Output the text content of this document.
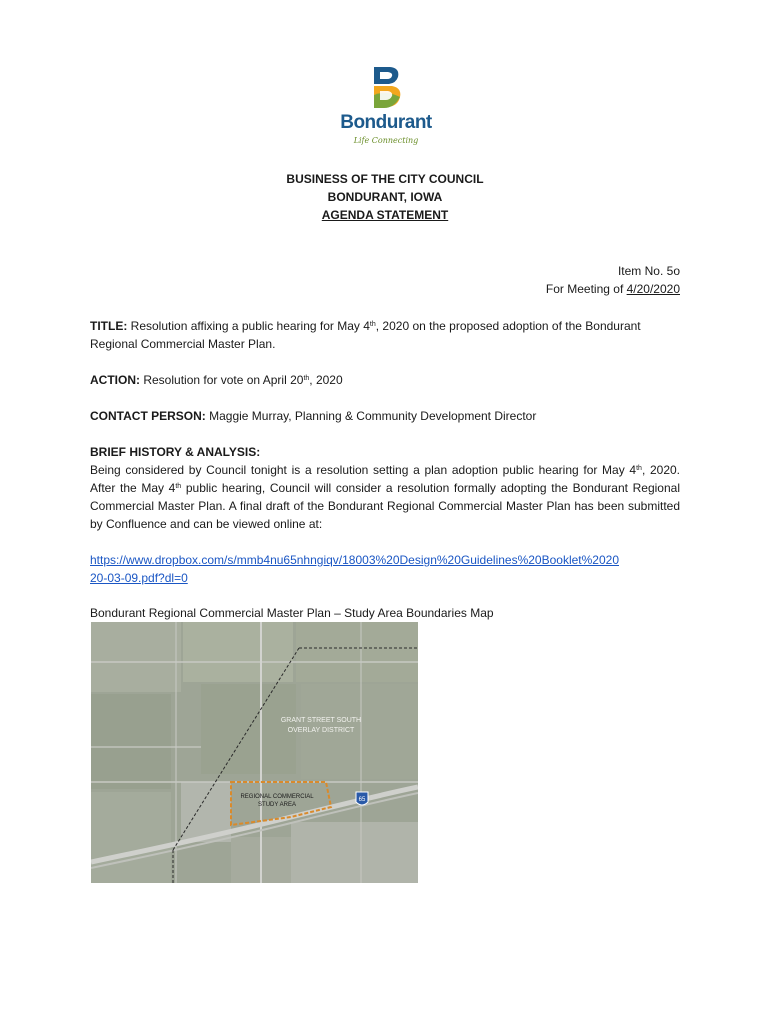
Bondurant
Life Connecting
BUSINESS OF THE CITY COUNCIL
BONDURANT, IOWA
AGENDA STATEMENT
Item No. 5o
For Meeting of 4/20/2020
TITLE: Resolution affixing a public hearing for May 4th, 2020 on the proposed adoption of the Bondurant Regional Commercial Master Plan.
ACTION: Resolution for vote on April 20th, 2020
CONTACT PERSON: Maggie Murray, Planning & Community Development Director
BRIEF HISTORY & ANALYSIS:
Being considered by Council tonight is a resolution setting a plan adoption public hearing for May 4th, 2020. After the May 4th public hearing, Council will consider a resolution formally adopting the Bondurant Regional Commercial Master Plan. A final draft of the Bondurant Regional Commercial Master Plan has been submitted by Confluence and can be viewed online at:
https://www.dropbox.com/s/mmb4nu65nhngiqv/18003%20Design%20Guidelines%20Booklet%2020
20-03-09.pdf?dl=0
Bondurant Regional Commercial Master Plan – Study Area Boundaries Map
65
GRANT STREET SOUTH
OVERLAY DISTRICT
REGIONAL COMMERCIAL
STUDY AREA
